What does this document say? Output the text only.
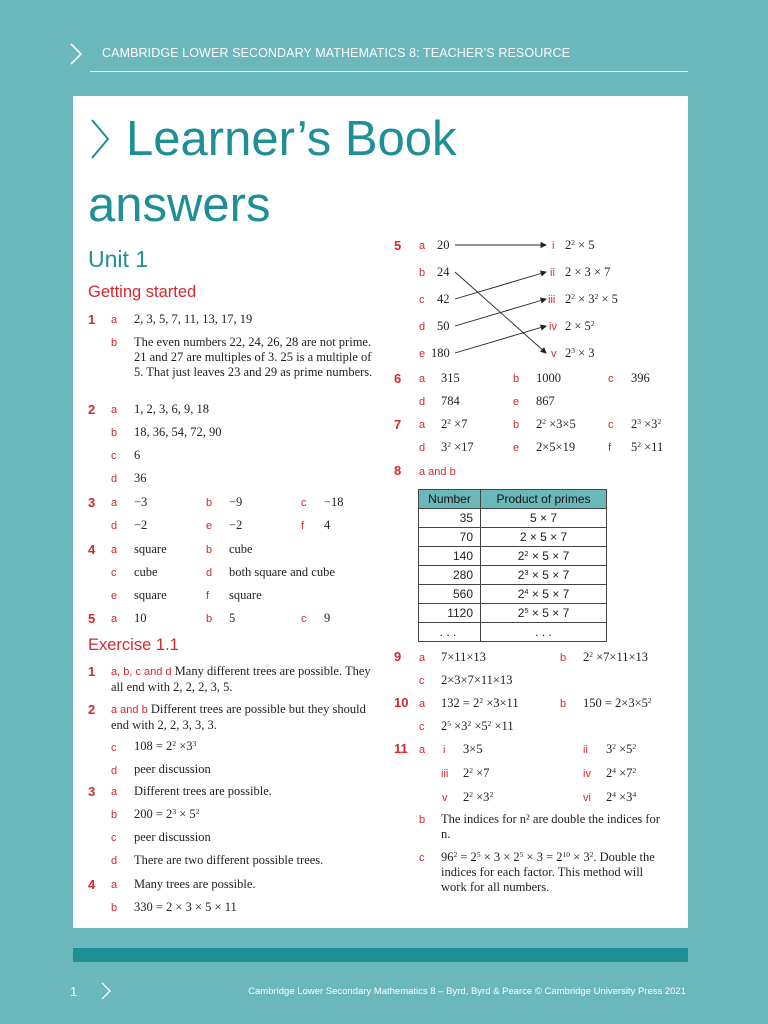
CAMBRIDGE LOWER SECONDARY MATHEMATICS 8: TEACHER’S RESOURCE
Learner’s Book
answers
Unit 1
Getting started
1 a 2, 3, 5, 7, 11, 13, 17, 19
b The even numbers 22, 24, 26, 28 are not prime. 21 and 27 are multiples of 3. 25 is a multiple of 5. That just leaves 23 and 29 as prime numbers.
2 a 1, 2, 3, 6, 9, 18
b 18, 36, 54, 72, 90
c 6
d 36
3 a −3	b −9	c −18
d −2	e −2	f 4
4 a square	b cube
c cube	d both square and cube
e square	f square
5 a 10	b 5	c 9
Exercise 1.1
1 a, b, c and d Many different trees are possible. They all end with 2, 2, 2, 3, 5.
2 a and b Different trees are possible but they should end with 2, 2, 3, 3, 3.
c $108 = 2^2 \times 3^3$
d peer discussion
3 a Different trees are possible.
b $200 = 2^3 \times 5^2$
c peer discussion
d There are two different possible trees.
4 a Many trees are possible.
b 330 = 2 × 3 × 5 × 11
5 a 20
b 24
c 42
d 50
e 180
i $2^2 \times 5$
ii 2 × 3 × 7
iii $2^2 \times 3^2 \times 5$
iv $2 \times 5^2$
v $2^3 \times 3$
6 a 315	b 1000	c 396
d 784	e 867
7 a $2^2 \times 7$	b $2^2 \times 3\times 5$	c $2^3 \times 3^2$
d $3^2 \times 17$	e 2×5×19	f $5^2 \times 11$
8 a and b
Number	Product of primes
35	5 × 7
70	2 × 5 × 7
140	$2^2 \times 5 \times 7$
280	$2^3 \times 5 \times 7$
560	$2^4 \times 5 \times 7$
1120	$2^5 \times 5 \times 7$
. . .	. . .
9 a 7×11×13	b $2^2 \times 7\times 11\times 13$
c 2×3×7×11×13
10 a $132 = 2^2 \times 3\times 11$	b $150 = 2\times 3\times 5^2$
c $2^5 \times 3^2 \times 5^2 \times 11$
11 a i 3×5	ii $3^2 \times 5^2$
iii $2^2 \times 7$	iv $2^4 \times 7^2$
v $2^2 \times 3^2$	vi $2^4 \times 3^4$
b The indices for n² are double the indices for n.
c $96^2 = 2^5 \times 3 \times 2^5 \times 3 = 2^{10} \times 3^2$. Double the indices for each factor. This method will work for all numbers.
1	Cambridge Lower Secondary Mathematics 8 – Byrd, Byrd & Pearce © Cambridge University Press 2021
